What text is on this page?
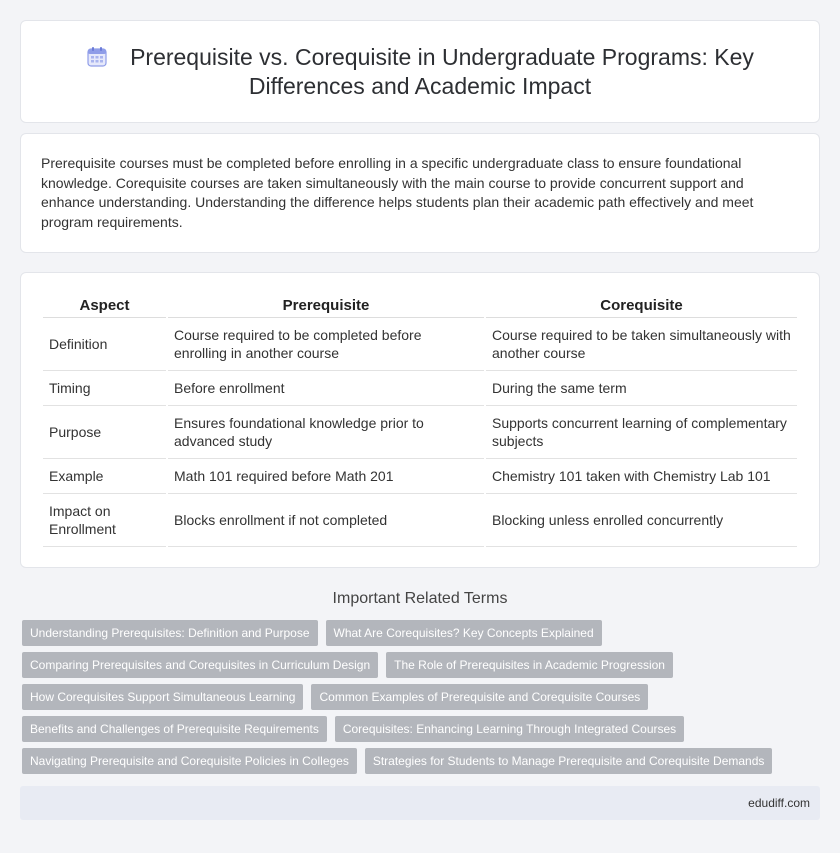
Prerequisite vs. Corequisite in Undergraduate Programs: Key Differences and Academic Impact

Prerequisite courses must be completed before enrolling in a specific undergraduate class to ensure foundational knowledge. Corequisite courses are taken simultaneously with the main course to provide concurrent support and enhance understanding. Understanding the difference helps students plan their academic path effectively and meet program requirements.

Aspect	Prerequisite	Corequisite
Definition	Course required to be completed before enrolling in another course	Course required to be taken simultaneously with another course
Timing	Before enrollment	During the same term
Purpose	Ensures foundational knowledge prior to advanced study	Supports concurrent learning of complementary subjects
Example	Math 101 required before Math 201	Chemistry 101 taken with Chemistry Lab 101
Impact on Enrollment	Blocks enrollment if not completed	Blocking unless enrolled concurrently
Important Related Terms
Understanding Prerequisites: Definition and Purpose	What Are Corequisites? Key Concepts Explained
Comparing Prerequisites and Corequisites in Curriculum Design	The Role of Prerequisites in Academic Progression
How Corequisites Support Simultaneous Learning	Common Examples of Prerequisite and Corequisite Courses
Benefits and Challenges of Prerequisite Requirements	Corequisites: Enhancing Learning Through Integrated Courses
Navigating Prerequisite and Corequisite Policies in Colleges	Strategies for Students to Manage Prerequisite and Corequisite Demands
edudiff.com
